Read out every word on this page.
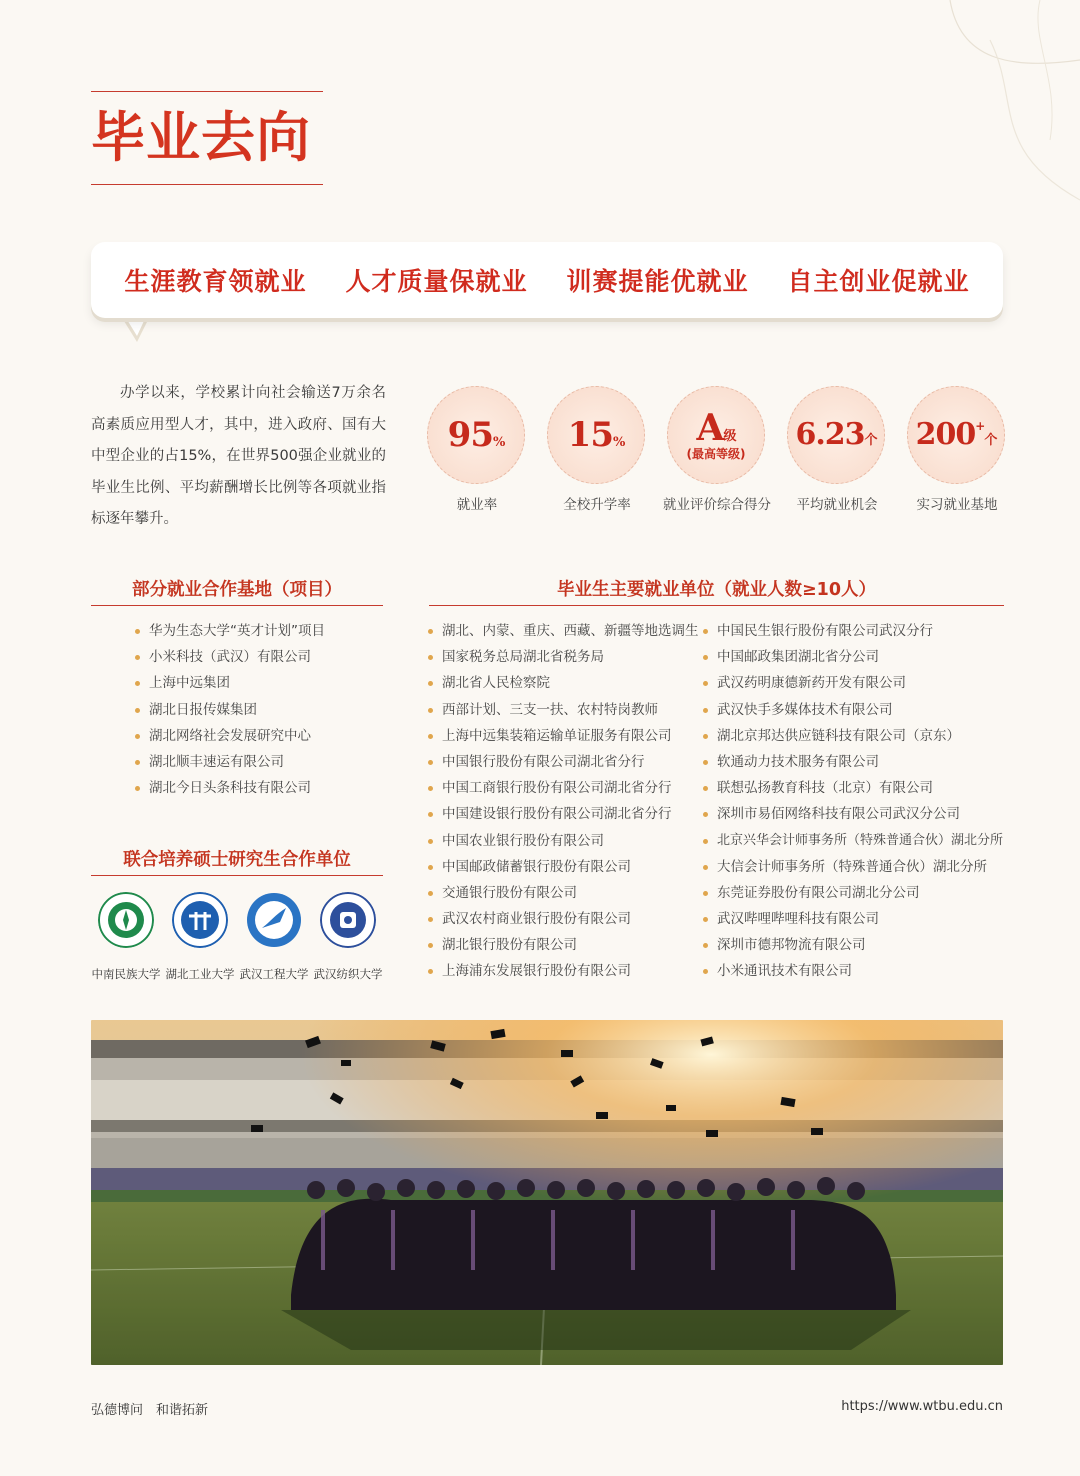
毕业去向
生涯教育领就业 人才质量保就业 训赛提能优就业 自主创业促就业

办学以来，学校累计向社会输送7万余名高素质应用型人才，其中，进入政府、国有大中型企业的占15%，在世界500强企业就业的毕业生比例、平均薪酬增长比例等各项就业指标逐年攀升。

95%
就业率
15%
全校升学率
A级
(最高等级)
就业评价综合得分
6.23个
平均就业机会
200+个
实习就业基地
部分就业合作基地（项目）
华为生态大学“英才计划”项目
小米科技（武汉）有限公司
上海中远集团
湖北日报传媒集团
湖北网络社会发展研究中心
湖北顺丰速运有限公司
湖北今日头条科技有限公司
联合培养硕士研究生合作单位
中南民族大学 湖北工业大学 武汉工程大学 武汉纺织大学
毕业生主要就业单位（就业人数≥10人）
湖北、内蒙、重庆、西藏、新疆等地选调生
国家税务总局湖北省税务局
湖北省人民检察院
西部计划、三支一扶、农村特岗教师
上海中远集装箱运输单证服务有限公司
中国银行股份有限公司湖北省分行
中国工商银行股份有限公司湖北省分行
中国建设银行股份有限公司湖北省分行
中国农业银行股份有限公司
中国邮政储蓄银行股份有限公司
交通银行股份有限公司
武汉农村商业银行股份有限公司
湖北银行股份有限公司
上海浦东发展银行股份有限公司
中国民生银行股份有限公司武汉分行
中国邮政集团湖北省分公司
武汉药明康德新药开发有限公司
武汉快手多媒体技术有限公司
湖北京邦达供应链科技有限公司（京东）
软通动力技术服务有限公司
联想弘扬教育科技（北京）有限公司
深圳市易佰网络科技有限公司武汉分公司
北京兴华会计师事务所（特殊普通合伙）湖北分所
大信会计师事务所（特殊普通合伙）湖北分所
东莞证券股份有限公司湖北分公司
武汉哔哩哔哩科技有限公司
深圳市德邦物流有限公司
小米通讯技术有限公司
弘德博问　和谐拓新	https://www.wtbu.edu.cn
